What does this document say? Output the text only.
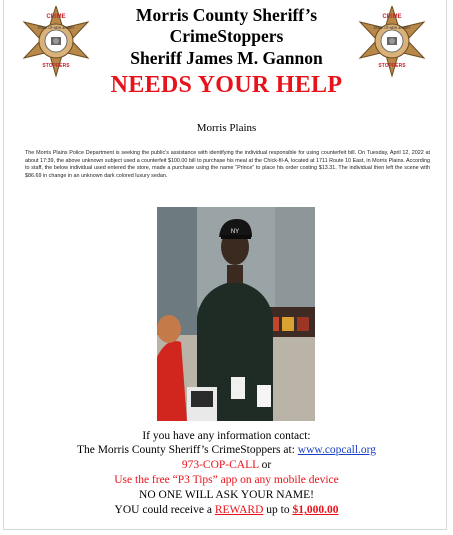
CRIME
STATE OF NEW JERSEY
STOPPERS
CRIME
STATE OF NEW JERSEY
STOPPERS
Morris County Sheriff’s
CrimeStoppers
Sheriff James M. Gannon
NEEDS YOUR HELP
Morris Plains
The Morris Plains Police Department is seeking the public’s assistance with identifying the individual responsible for using counterfeit bill. On Tuesday, April 12, 2022 at about 17:39, the above unknown subject used a counterfeit $100.00 bill to purchase his meal at the Chick-fil-A, located at 1711 Route 10 East, in Morris Plains. According to staff, the below individual used entered the store, made a purchase using the name “Prince” to place his order costing $13.31. The individual then left the scene with $86.69 in change in an unknown dark colored luxury sedan.
NY
If you have any information contact:
The Morris County Sheriff’s CrimeStoppers at: www.copcall.org
973-COP-CALL or
Use the free “P3 Tips” app on any mobile device
NO ONE WILL ASK YOUR NAME!
YOU could receive a REWARD up to $1,000.00
